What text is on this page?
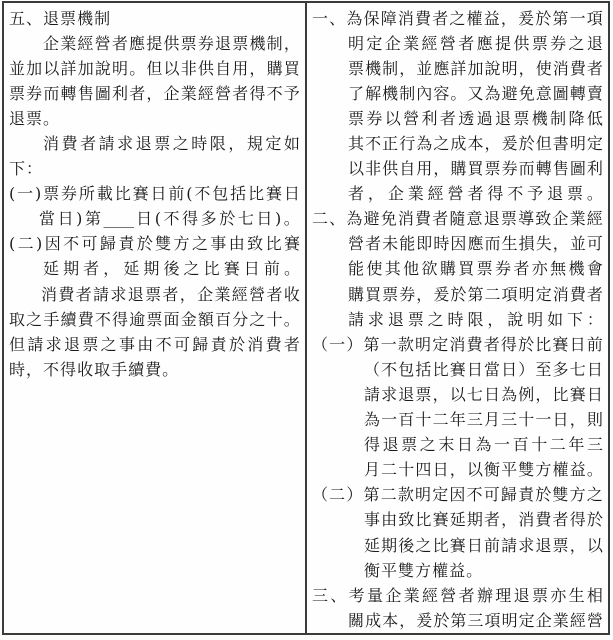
五 、 退 票 機 制
企 業 經 營 者 應 提 供 票 券 退 票 機 制 ，
並 加 以 詳 加 說 明 。 但 以 非 供 自 用 ， 購 買
票 券 而 轉 售 圖 利 者 ， 企 業 經 營 者 得 不 予
退 票 。
消 費 者 請 求 退 票 之 時 限 ， 規 定 如
下 ：
( 一 ) 票 券 所 載 比 賽 日 前 ( 不 包 括 比 賽 日
當 日 ) 第 ____ 日 ( 不 得 多 於 七 日 ) 。
( 二 ) 因 不 可 歸 責 於 雙 方 之 事 由 致 比 賽
延 期 者 ， 延 期 後 之 比 賽 日 前 。
消 費 者 請 求 退 票 者 ， 企 業 經 營 者 收
取 之 手 續 費 不 得 逾 票 面 金 額 百 分 之 十 。
但 請 求 退 票 之 事 由 不 可 歸 責 於 消 費 者
時 ， 不 得 收 取 手 續 費 。
一 、 為 保 障 消 費 者 之 權 益 ， 爰 於 第 一 項
明 定 企 業 經 營 者 應 提 供 票 券 之 退
票 機 制 ， 並 應 詳 加 說 明 ， 使 消 費 者
了 解 機 制 內 容 。 又 為 避 免 意 圖 轉 賣
票 券 以 營 利 者 透 過 退 票 機 制 降 低
其 不 正 行 為 之 成 本 ， 爰 於 但 書 明 定
以 非 供 自 用 ， 購 買 票 券 而 轉 售 圖 利
者 ， 企 業 經 營 者 得 不 予 退 票 。
二 、 為 避 免 消 費 者 隨 意 退 票 導 致 企 業 經
營 者 未 能 即 時 因 應 而 生 損 失 ， 並 可
能 使 其 他 欲 購 買 票 券 者 亦 無 機 會
購 買 票 券 ， 爰 於 第 二 項 明 定 消 費 者
請 求 退 票 之 時 限 ， 說 明 如 下 ：
（ 一 ） 第 一 款 明 定 消 費 者 得 於 比 賽 日 前
（ 不 包 括 比 賽 日 當 日 ） 至 多 七 日
請 求 退 票 ， 以 七 日 為 例 ， 比 賽 日
為 一 百 十 二 年 三 月 三 十 一 日 ， 則
得 退 票 之 末 日 為 一 百 十 二 年 三
月 二 十 四 日 ， 以 衡 平 雙 方 權 益 。
（ 二 ） 第 二 款 明 定 因 不 可 歸 責 於 雙 方 之
事 由 致 比 賽 延 期 者 ， 消 費 者 得 於
延 期 後 之 比 賽 日 前 請 求 退 票 ， 以
衡 平 雙 方 權 益 。
三 、 考 量 企 業 經 營 者 辦 理 退 票 亦 生 相
關 成 本 ， 爰 於 第 三 項 明 定 企 業 經 營
